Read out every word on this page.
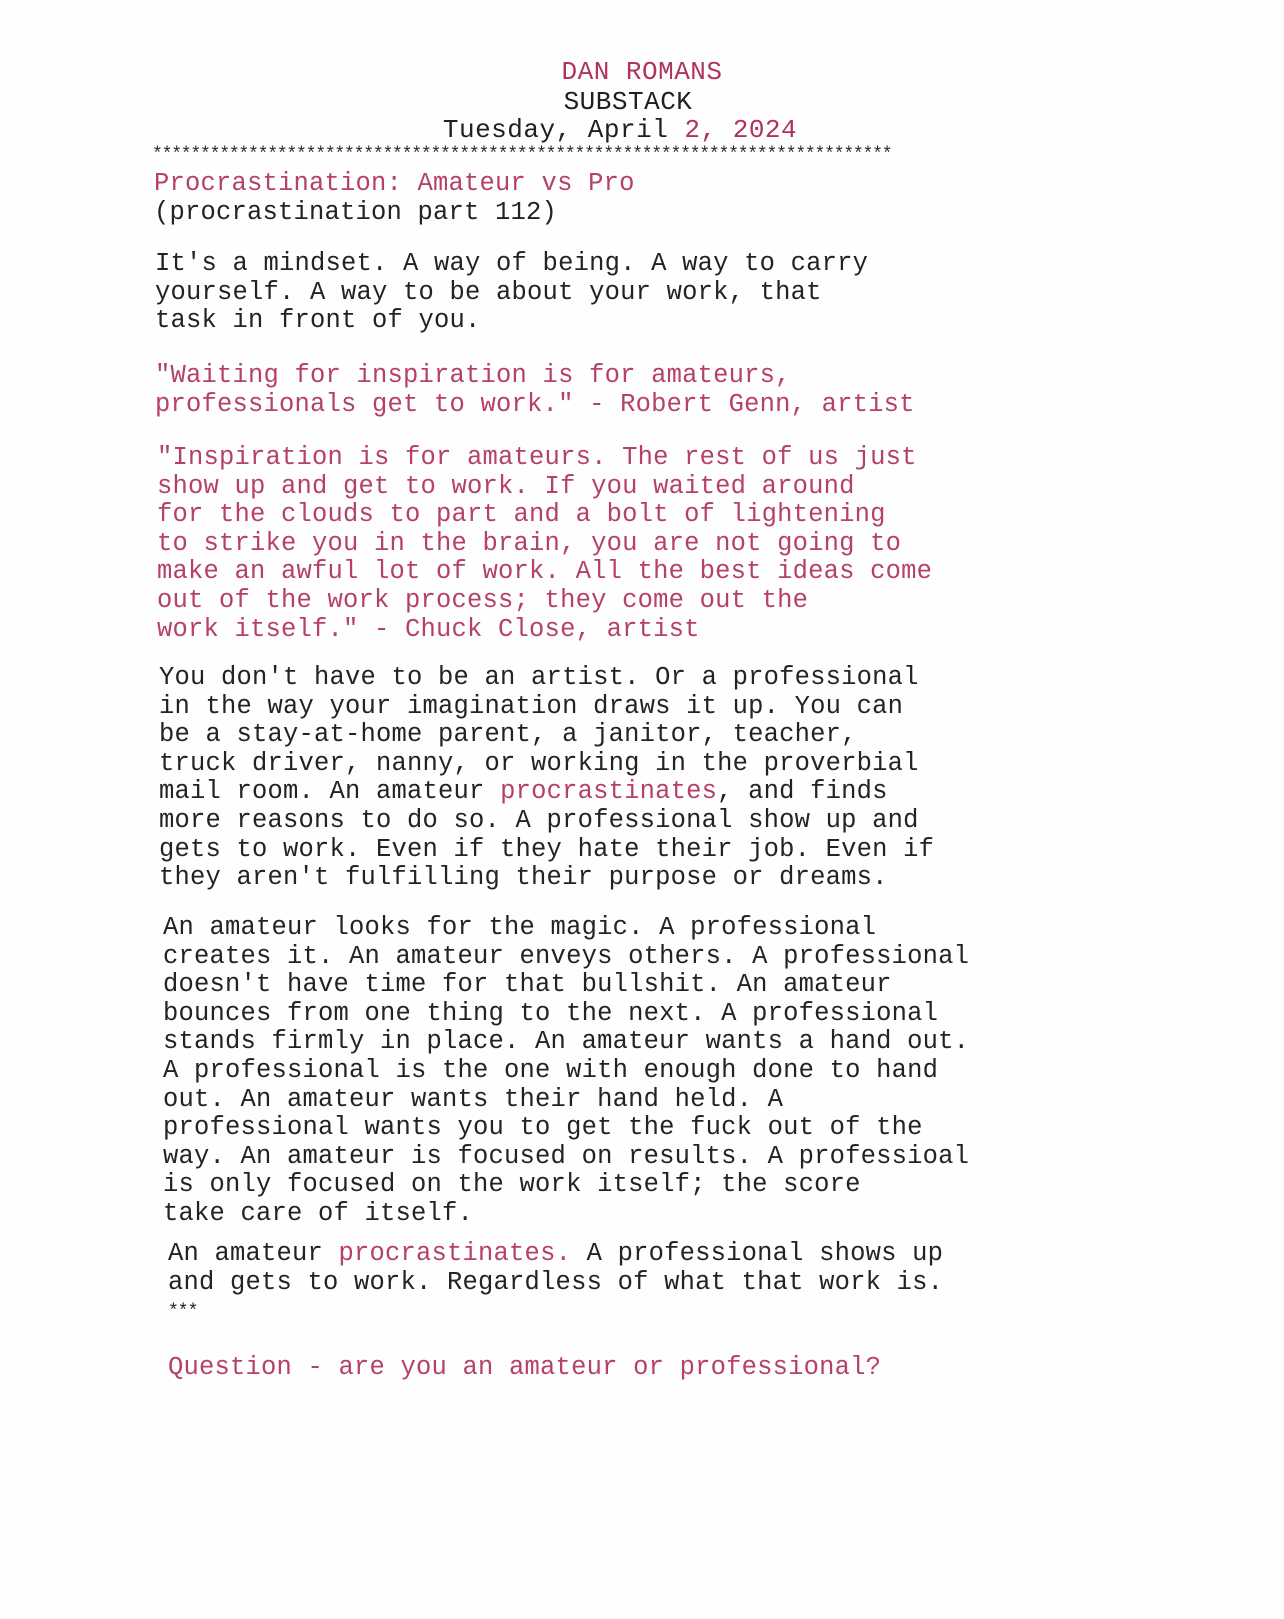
DAN ROMANS
SUBSTACK
Tuesday, April 2, 2024
*****************************************************************************
Procrastination: Amateur vs Pro
(procrastination part 112)
It's a mindset. A way of being. A way to carry
yourself. A way to be about your work, that
task in front of you.
"Waiting for inspiration is for amateurs,
professionals get to work." - Robert Genn, artist
"Inspiration is for amateurs. The rest of us just
show up and get to work. If you waited around
for the clouds to part and a bolt of lightening
to strike you in the brain, you are not going to
make an awful lot of work. All the best ideas come
out of the work process; they come out the
work itself." - Chuck Close, artist
You don't have to be an artist. Or a professional
in the way your imagination draws it up. You can
be a stay-at-home parent, a janitor, teacher,
truck driver, nanny, or working in the proverbial
mail room. An amateur procrastinates, and finds
more reasons to do so. A professional show up and
gets to work. Even if they hate their job. Even if
they aren't fulfilling their purpose or dreams.
An amateur looks for the magic. A professional
creates it. An amateur enveys others. A professional
doesn't have time for that bullshit. An amateur
bounces from one thing to the next. A professional
stands firmly in place. An amateur wants a hand out.
A professional is the one with enough done to hand
out. An amateur wants their hand held. A
professional wants you to get the fuck out of the
way. An amateur is focused on results. A professioal
is only focused on the work itself; the score
take care of itself.
An amateur procrastinates. A professional shows up
and gets to work. Regardless of what that work is.
***
Question - are you an amateur or professional?
